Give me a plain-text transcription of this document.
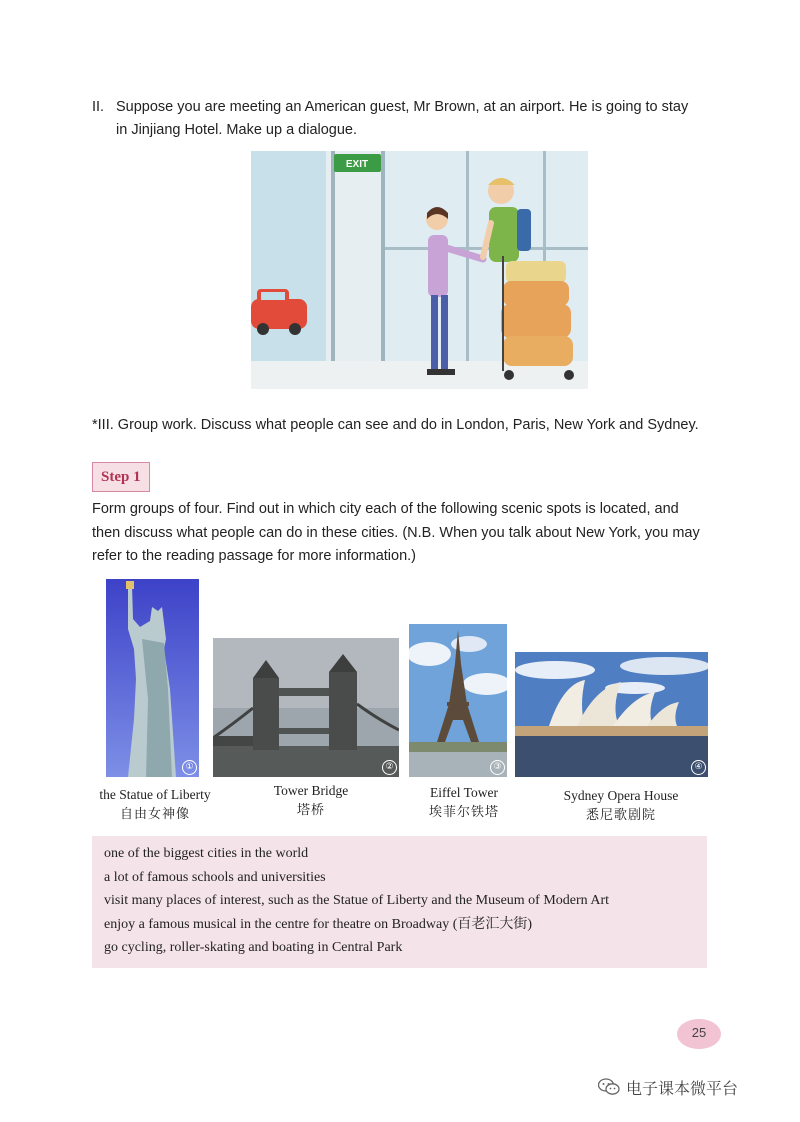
II. Suppose you are meeting an American guest, Mr Brown, at an airport. He is going to stay
in Jinjiang Hotel. Make up a dialogue.
EXIT
*III. Group work. Discuss what people can see and do in London, Paris, New York and Sydney.
Step 1
Form groups of four. Find out in which city each of the following scenic spots is located, and
then discuss what people can do in these cities. (N.B. When you talk about New York, you may
refer to the reading passage for more information.)
①	②	③	④
the Statue of Liberty
自由女神像
Tower Bridge
塔桥
Eiffel Tower
埃菲尔铁塔
Sydney Opera House
悉尼歌剧院
one of the biggest cities in the world
a lot of famous schools and universities
visit many places of interest, such as the Statue of Liberty and the Museum of Modern Art
enjoy a famous musical in the centre for theatre on Broadway (百老汇大街)
go cycling, roller-skating and boating in Central Park
25
电子课本微平台
